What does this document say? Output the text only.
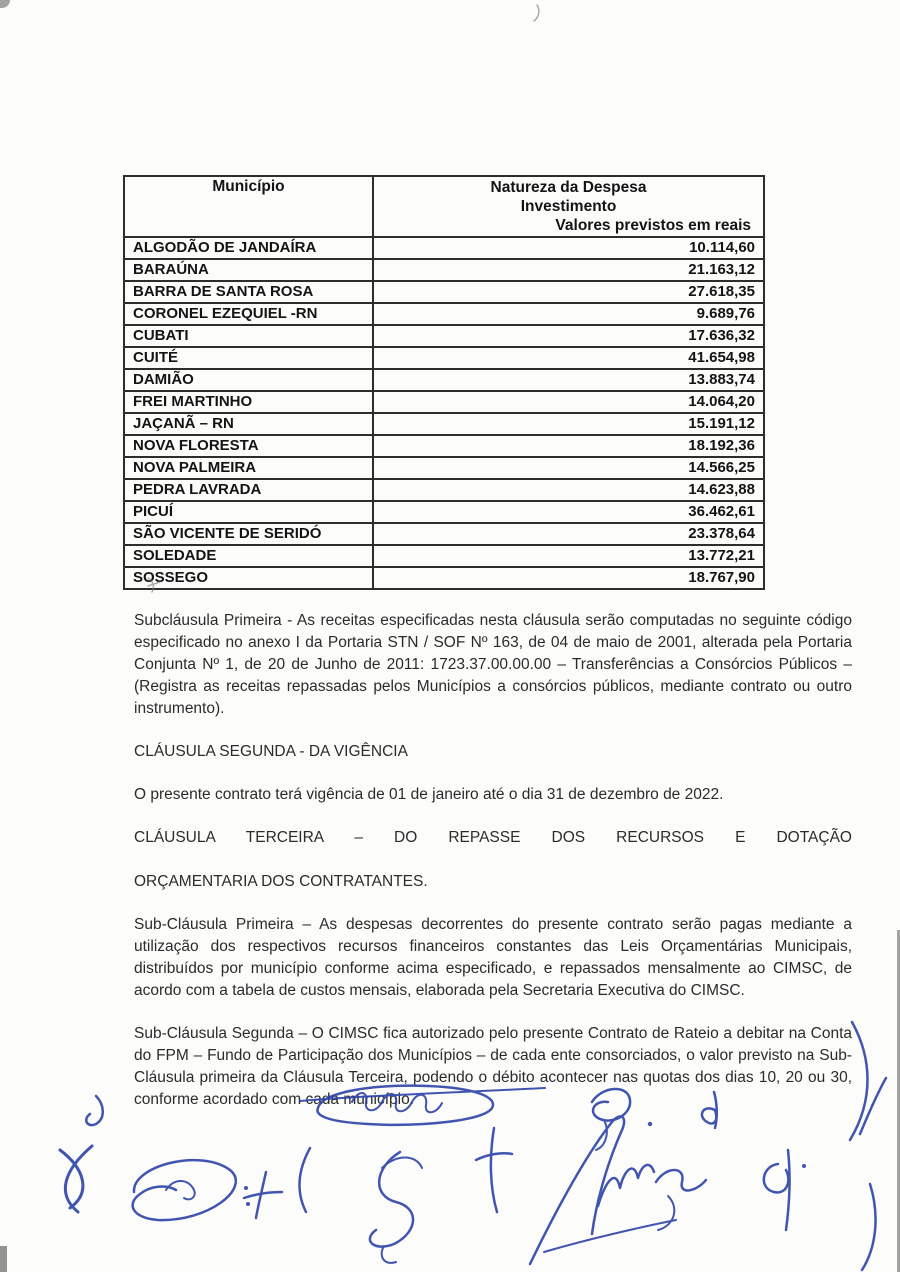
Município	Natureza da Despesa
Investimento
Valores previstos em reais

ALGODÃO DE JANDAÍRA	10.114,60
BARAÚNA	21.163,12
BARRA DE SANTA ROSA	27.618,35
CORONEL EZEQUIEL -RN	9.689,76
CUBATI	17.636,32
CUITÉ	41.654,98
DAMIÃO	13.883,74
FREI MARTINHO	14.064,20
JAÇANÃ – RN	15.191,12
NOVA FLORESTA	18.192,36
NOVA PALMEIRA	14.566,25
PEDRA LAVRADA	14.623,88
PICUÍ	36.462,61
SÃO VICENTE DE SERIDÓ	23.378,64
SOLEDADE	13.772,21
SOSSEGO	18.767,90

Subcláusula Primeira - As receitas especificadas nesta cláusula serão computadas no seguinte código especificado no anexo I da Portaria STN / SOF Nº 163, de 04 de maio de 2001, alterada pela Portaria Conjunta Nº 1, de 20 de Junho de 2011: 1723.37.00.00.00 – Transferências a Consórcios Públicos – (Registra as receitas repassadas pelos Municípios a consórcios públicos, mediante contrato ou outro instrumento).

CLÁUSULA SEGUNDA - DA VIGÊNCIA

O presente contrato terá vigência de 01 de janeiro até o dia 31 de dezembro de 2022.

CLÁUSULA TERCEIRA – DO REPASSE DOS RECURSOS E DOTAÇÃO
ORÇAMENTARIA DOS CONTRATANTES.

Sub-Cláusula Primeira – As despesas decorrentes do presente contrato serão pagas mediante a utilização dos respectivos recursos financeiros constantes das Leis Orçamentárias Municipais, distribuídos por município conforme acima especificado, e repassados mensalmente ao CIMSC, de acordo com a tabela de custos mensais, elaborada pela Secretaria Executiva do CIMSC.

Sub-Cláusula Segunda – O CIMSC fica autorizado pelo presente Contrato de Rateio a debitar na Conta do FPM – Fundo de Participação dos Municípios – de cada ente consorciados, o valor previsto na Sub-Cláusula primeira da Cláusula Terceira, podendo o débito acontecer nas quotas dos dias 10, 20 ou 30, conforme acordado com cada município.
